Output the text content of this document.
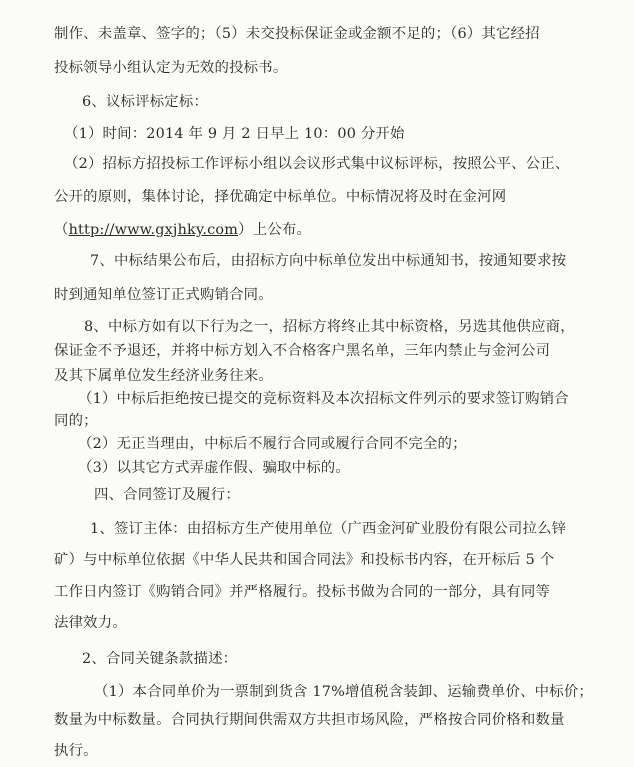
制作、未盖章、签字的；（5）未交投标保证金或金额不足的；（6）其它经招
投标领导小组认定为无效的投标书。
6、议标评标定标：
（1）时间：2014 年 9 月 2 日早上 10：00 分开始
（2）招标方招投标工作评标小组以会议形式集中议标评标，按照公平、公正、
公开的原则，集体讨论，择优确定中标单位。中标情况将及时在金河网
（http://www.gxjhky.com）上公布。
7、中标结果公布后，由招标方向中标单位发出中标通知书，按通知要求按
时到通知单位签订正式购销合同。
8、中标方如有以下行为之一，招标方将终止其中标资格，另选其他供应商，
保证金不予退还，并将中标方划入不合格客户黑名单，三年内禁止与金河公司
及其下属单位发生经济业务往来。
（1）中标后拒绝按已提交的竞标资料及本次招标文件列示的要求签订购销合
同的；
（2）无正当理由，中标后不履行合同或履行合同不完全的；
（3）以其它方式弄虚作假、骗取中标的。
四、合同签订及履行：
1、签订主体：由招标方生产使用单位（广西金河矿业股份有限公司拉么锌
矿）与中标单位依据《中华人民共和国合同法》和投标书内容，在开标后 5 个
工作日内签订《购销合同》并严格履行。投标书做为合同的一部分，具有同等
法律效力。
2、合同关键条款描述：
（1）本合同单价为一票制到货含 17%增值税含装卸、运输费单价、中标价；
数量为中标数量。合同执行期间供需双方共担市场风险，严格按合同价格和数量
执行。
